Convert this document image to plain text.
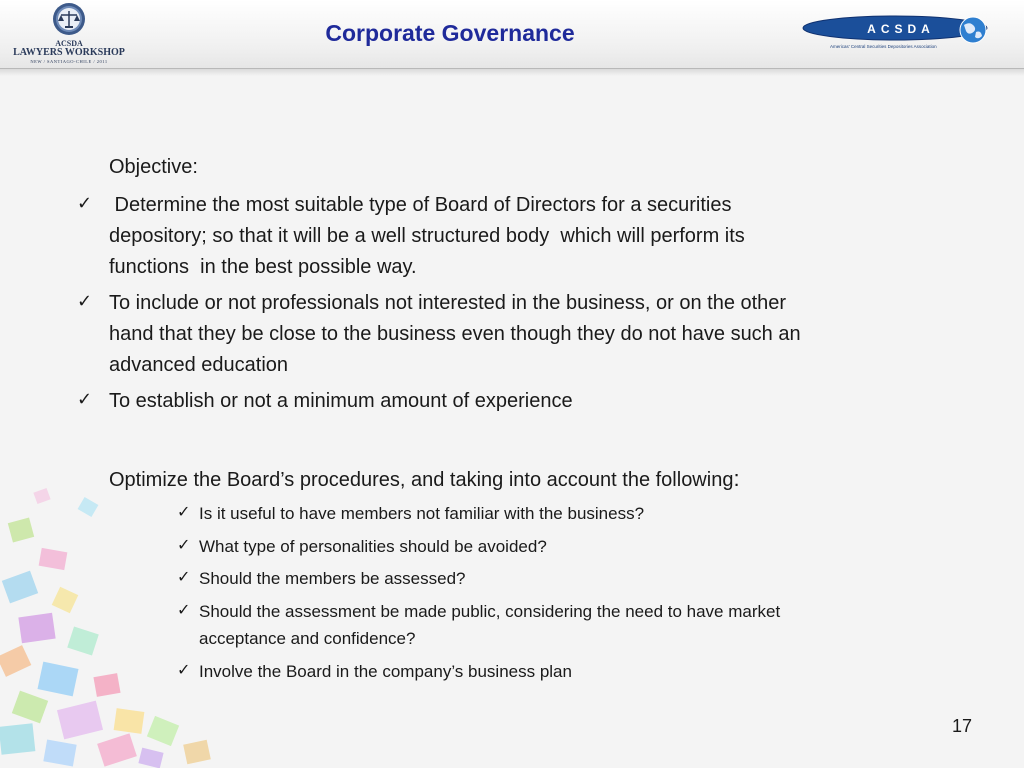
ACSDA
LAWYERS WORKSHOP
NEW / SANTIAGO-CHILE / 2011
Corporate Governance	ACSDA
Americas' Central Securities Depositories Association
Objective:
✓ Determine the most suitable type of Board of Directors for a securities
depository; so that it will be a well structured body  which will perform its
functions  in the best possible way.
✓ To include or not professionals not interested in the business, or on the other
hand that they be close to the business even though they do not have such an
advanced education
✓ To establish or not a minimum amount of experience
Optimize the Board’s procedures, and taking into account the following:
✓ Is it useful to have members not familiar with the business?
✓ What type of personalities should be avoided?
✓ Should the members be assessed?
✓ Should the assessment be made public, considering the need to have market
acceptance and confidence?
✓ Involve the Board in the company’s business plan
17
